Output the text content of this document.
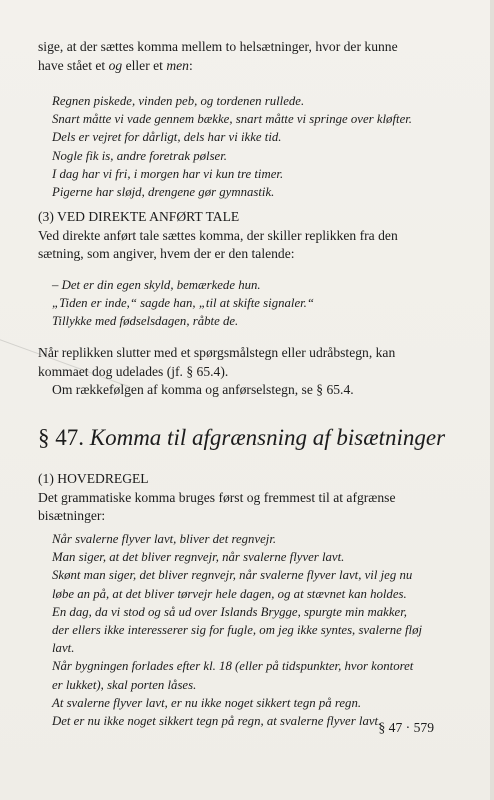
sige, at der sættes komma mellem to helsætninger, hvor der kunne

have stået et og eller et men:

Regnen piskede, vinden peb, og tordenen rullede.

Snart måtte vi vade gennem bække, snart måtte vi springe over kløfter.

Dels er vejret for dårligt, dels har vi ikke tid.

Nogle fik is, andre foretrak pølser.

I dag har vi fri, i morgen har vi kun tre timer.

Pigerne har sløjd, drengene gør gymnastik.

(3) VED DIREKTE ANFØRT TALE

Ved direkte anført tale sættes komma, der skiller replikken fra den

sætning, som angiver, hvem der er den talende:

– Det er din egen skyld, bemærkede hun.

„Tiden er inde,“ sagde han, „til at skifte signaler.“

Tillykke med fødselsdagen, råbte de.

Når replikken slutter med et spørgsmålstegn eller udråbstegn, kan

kommaet dog udelades (jf. § 65.4).

Om rækkefølgen af komma og anførselstegn, se § 65.4.

§ 47. Komma til afgrænsning af bisætninger

(1) HOVEDREGEL

Det grammatiske komma bruges først og fremmest til at afgrænse

bisætninger:

Når svalerne flyver lavt, bliver det regnvejr.

Man siger, at det bliver regnvejr, når svalerne flyver lavt.

Skønt man siger, det bliver regnvejr, når svalerne flyver lavt, vil jeg nu

løbe an på, at det bliver tørvejr hele dagen, og at stævnet kan holdes.

En dag, da vi stod og så ud over Islands Brygge, spurgte min makker,

der ellers ikke interesserer sig for fugle, om jeg ikke syntes, svalerne fløj

lavt.

Når bygningen forlades efter kl. 18 (eller på tidspunkter, hvor kontoret

er lukket), skal porten låses.

At svalerne flyver lavt, er nu ikke noget sikkert tegn på regn.

Det er nu ikke noget sikkert tegn på regn, at svalerne flyver lavt.

§ 47 · 579
